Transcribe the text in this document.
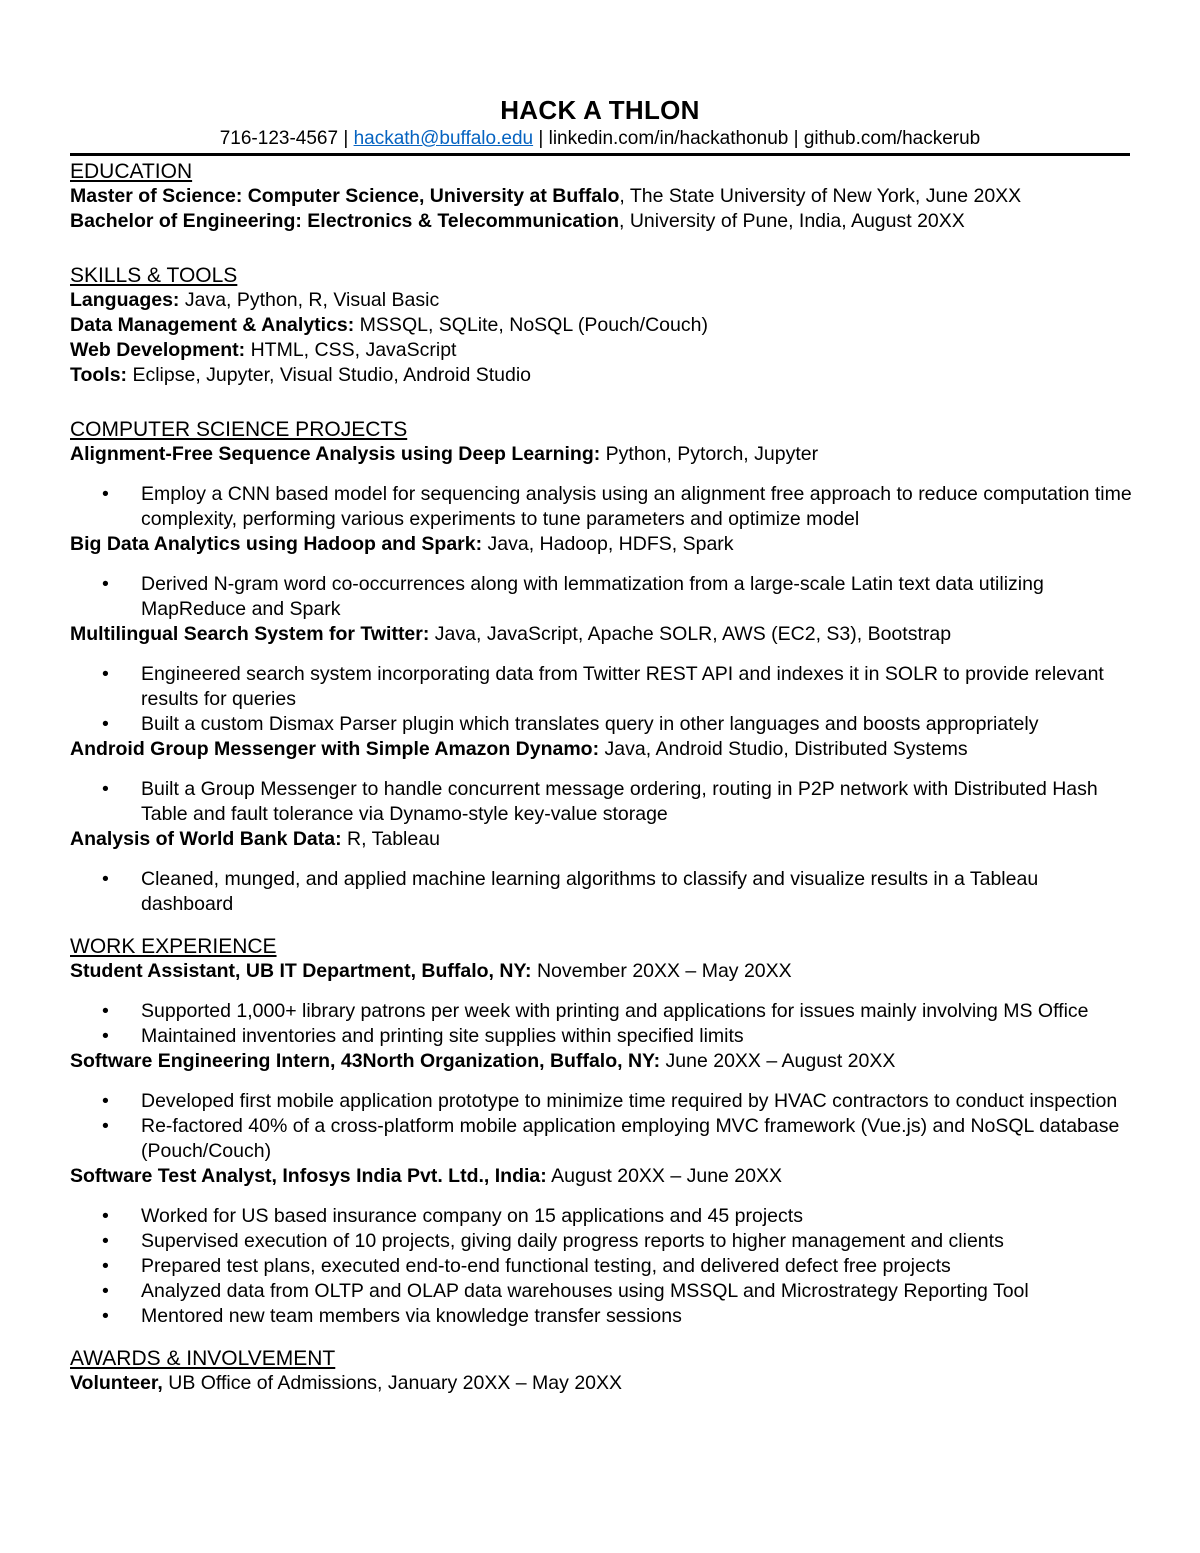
HACK A THLON
716-123-4567 | hackath@buffalo.edu | linkedin.com/in/hackathonub | github.com/hackerub
EDUCATION
Master of Science: Computer Science, University at Buffalo, The State University of New York, June 20XX
Bachelor of Engineering: Electronics & Telecommunication, University of Pune, India, August 20XX
SKILLS & TOOLS
Languages: Java, Python, R, Visual Basic
Data Management & Analytics: MSSQL, SQLite, NoSQL (Pouch/Couch)
Web Development: HTML, CSS, JavaScript
Tools: Eclipse, Jupyter, Visual Studio, Android Studio
COMPUTER SCIENCE PROJECTS
Alignment-Free Sequence Analysis using Deep Learning: Python, Pytorch, Jupyter
• Employ a CNN based model for sequencing analysis using an alignment free approach to reduce computation time complexity, performing various experiments to tune parameters and optimize model
Big Data Analytics using Hadoop and Spark: Java, Hadoop, HDFS, Spark
• Derived N-gram word co-occurrences along with lemmatization from a large-scale Latin text data utilizing MapReduce and Spark
Multilingual Search System for Twitter: Java, JavaScript, Apache SOLR, AWS (EC2, S3), Bootstrap
• Engineered search system incorporating data from Twitter REST API and indexes it in SOLR to provide relevant results for queries
• Built a custom Dismax Parser plugin which translates query in other languages and boosts appropriately
Android Group Messenger with Simple Amazon Dynamo: Java, Android Studio, Distributed Systems
• Built a Group Messenger to handle concurrent message ordering, routing in P2P network with Distributed Hash Table and fault tolerance via Dynamo-style key-value storage
Analysis of World Bank Data: R, Tableau
• Cleaned, munged, and applied machine learning algorithms to classify and visualize results in a Tableau dashboard
WORK EXPERIENCE
Student Assistant, UB IT Department, Buffalo, NY: November 20XX – May 20XX
• Supported 1,000+ library patrons per week with printing and applications for issues mainly involving MS Office
• Maintained inventories and printing site supplies within specified limits
Software Engineering Intern, 43North Organization, Buffalo, NY: June 20XX – August 20XX
• Developed first mobile application prototype to minimize time required by HVAC contractors to conduct inspection
• Re-factored 40% of a cross-platform mobile application employing MVC framework (Vue.js) and NoSQL database (Pouch/Couch)
Software Test Analyst, Infosys India Pvt. Ltd., India: August 20XX – June 20XX
• Worked for US based insurance company on 15 applications and 45 projects
• Supervised execution of 10 projects, giving daily progress reports to higher management and clients
• Prepared test plans, executed end-to-end functional testing, and delivered defect free projects
• Analyzed data from OLTP and OLAP data warehouses using MSSQL and Microstrategy Reporting Tool
• Mentored new team members via knowledge transfer sessions
AWARDS & INVOLVEMENT
Volunteer, UB Office of Admissions, January 20XX – May 20XX
